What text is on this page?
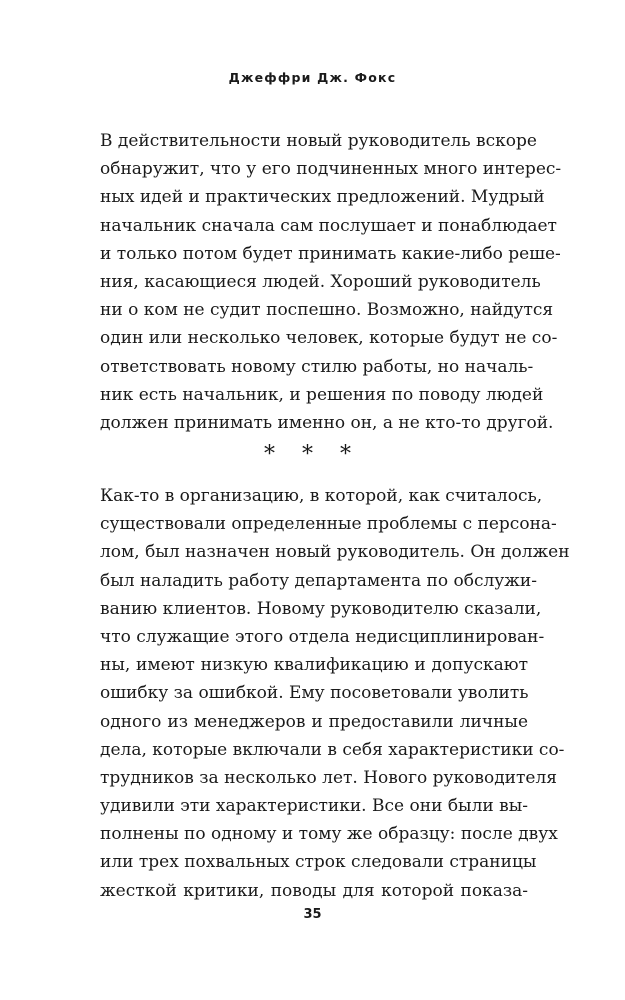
Джеффри Дж. Фокс
В действительности новый руководитель вскоре
обнаружит, что у его подчиненных много интерес-
ных идей и практических предложений. Мудрый
начальник сначала сам послушает и понаблюдает
и только потом будет принимать какие-либо реше-
ния, касающиеся людей. Хороший руководитель
ни о ком не судит поспешно. Возможно, найдутся
один или несколько человек, которые будут не со-
ответствовать новому стилю работы, но началь-
ник есть начальник, и решения по поводу людей
должен принимать именно он, а не кто-то другой.
* * *
Как-то в организацию, в которой, как считалось,
существовали определенные проблемы с персона-
лом, был назначен новый руководитель. Он должен
был наладить работу департамента по обслужи-
ванию клиентов. Новому руководителю сказали,
что служащие этого отдела недисциплинирован-
ны, имеют низкую квалификацию и допускают
ошибку за ошибкой. Ему посоветовали уволить
одного из менеджеров и предоставили личные
дела, которые включали в себя характеристики со-
трудников за несколько лет. Нового руководителя
удивили эти характеристики. Все они были вы-
полнены по одному и тому же образцу: после двух
или трех похвальных строк следовали страницы
жесткой критики, поводы для которой показа-
35
